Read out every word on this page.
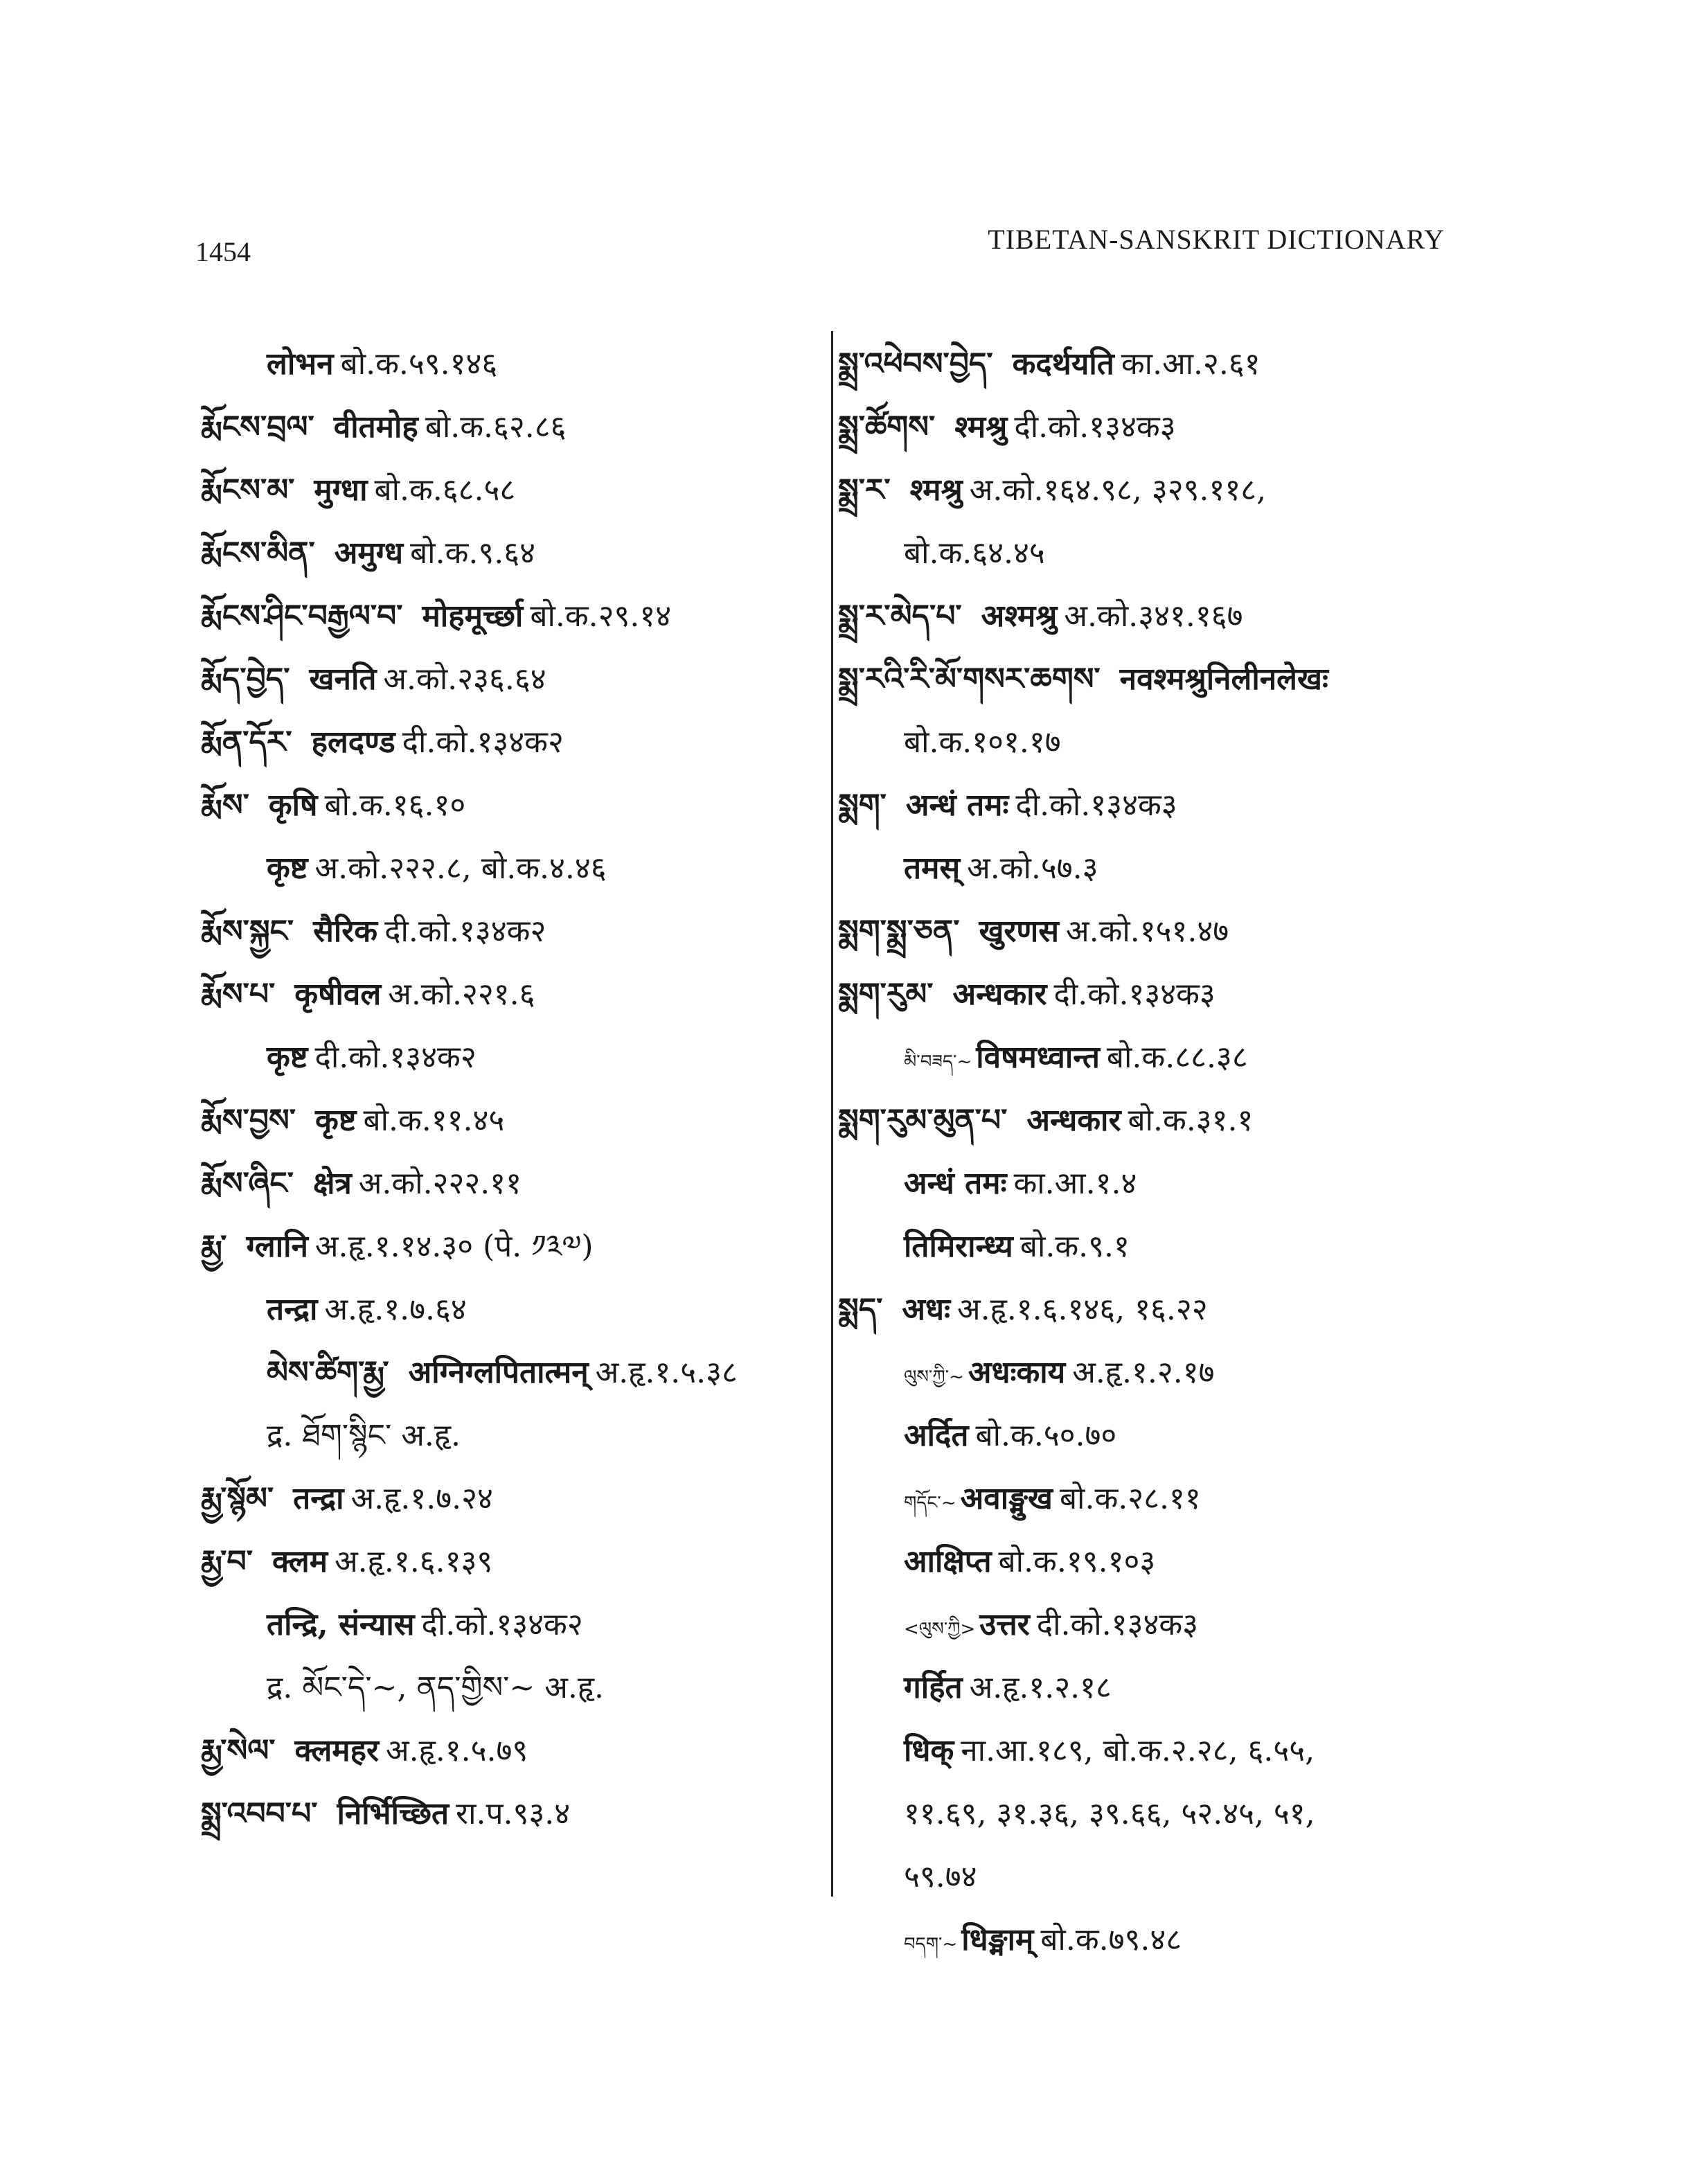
1454	TIBETAN-SANSKRIT DICTIONARY
लोभन बो.क.५९.१४६
རྨོངས་བྲལ་ वीतमोह बो.क.६२.८६
རྨོངས་མ་ मुग्धा बो.क.६८.५८
རྨོངས་མིན་ अमुग्ध बो.क.९.६४
རྨོངས་ཤིང་བརྒྱལ་བ་ मोहमूर्च्छा बो.क.२९.१४
རྨོད་བྱེད་ खनति अ.को.२३६.६४
རྨོན་དོར་ हलदण्ड दी.को.१३४क२
རྨོས་ कृषि बो.क.१६.१०
कृष्ट अ.को.२२२.८, बो.क.४.४६
རྨོས་སྐྱང་ सैरिक दी.को.१३४क२
རྨོས་པ་ कृषीवल अ.को.२२१.६
कृष्ट दी.को.१३४क२
རྨོས་བྱས་ कृष्ट बो.क.११.४५
རྨོས་ཞིང་ क्षेत्र अ.को.२२२.११
རྨྱ་ ग्लानि अ.हृ.१.१४.३० (पे. ༡༣༧)
तन्द्रा अ.हृ.१.७.६४
མེས་ཚིག་རྨྱ་ अग्निग्लपितात्मन् अ.हृ.१.५.३८
द्र. ཐོག་སྙིང་ अ.हृ.
རྨྱ་སྙོམ་ तन्द्रा अ.हृ.१.७.२४
རྨྱ་བ་ क्लम अ.हृ.१.६.१३९
तन्द्रि, संन्यास दी.को.१३४क२
द्र. མོང་དེ་~, ནད་གྱིས་~ अ.हृ.
རྨྱ་སེལ་ क्लमहर अ.हृ.१.५.७९
སྨྲ་འབབ་པ་ निर्भिच्छित रा.प.९३.४
སྨྲ་འཕེབས་བྱེད་ कदर्थयति का.आ.२.६१
སྨྲ་ཚོགས་ श्मश्रु दी.को.१३४क३
སྨྲ་ར་ श्मश्रु अ.को.१६४.९८, ३२९.११८,
बो.क.६४.४५
སྨྲ་ར་མེད་པ་ अश्मश्रु अ.को.३४१.१६७
སྨྲ་རའི་རི་མོ་གསར་ཆགས་ नवश्मश्रुनिलीनलेखः
बो.क.१०१.१७
སྨག་ अन्धं तमः दी.को.१३४क३
तमस् अ.को.५७.३
སྨག་སྨྲ་ཅན་ खुरणस अ.को.१५१.४७
སྨག་རུམ་ अन्धकार दी.को.१३४क३
མི་བཟད་~ विषमध्वान्त बो.क.८८.३८
སྨག་རུམ་མུན་པ་ अन्धकार बो.क.३१.१
अन्धं तमः का.आ.१.४
तिमिरान्ध्य बो.क.९.१
སྨད་ अधः अ.हृ.१.६.१४६, १६.२२
ལུས་ཀྱི་~ अधःकाय अ.हृ.१.२.१७
अर्दित बो.क.५०.७०
གདོང་~ अवाङ्मुख बो.क.२८.११
आक्षिप्त बो.क.१९.१०३
<ལུས་ཀྱི> उत्तर दी.को.१३४क३
गर्हित अ.हृ.१.२.१८
धिक् ना.आ.१८९, बो.क.२.२८, ६.५५,
११.६९, ३१.३६, ३९.६६, ५२.४५, ५१,
५९.७४
བདག་~ धिङ्माम् बो.क.७९.४८
